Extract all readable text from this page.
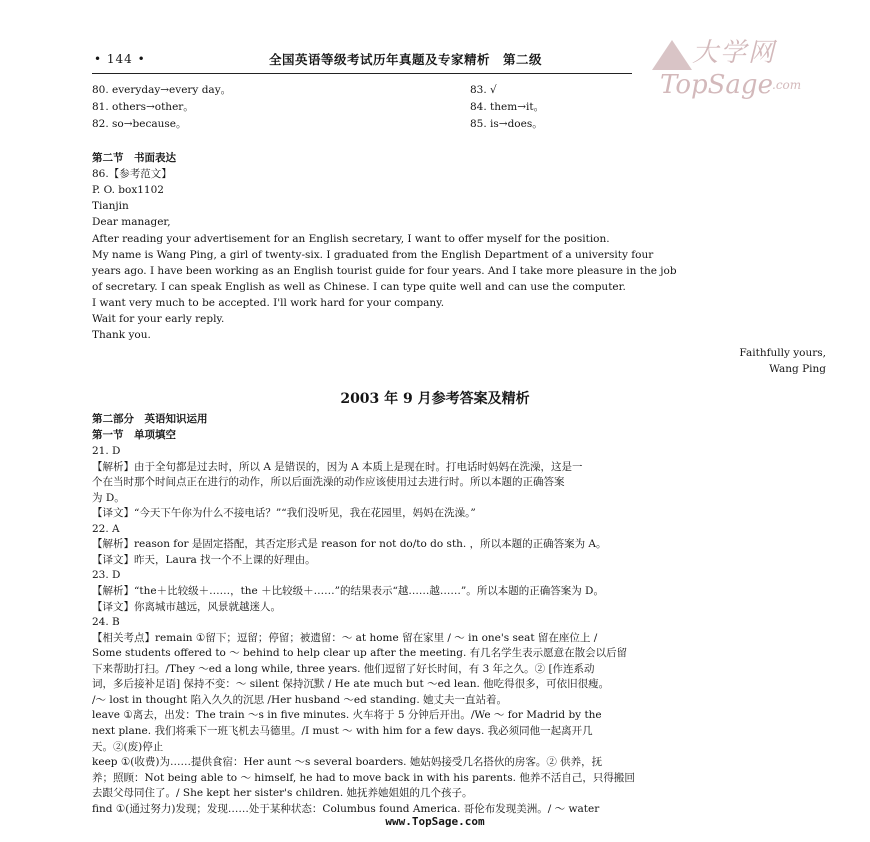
• 144 •	全国英语等级考试历年真题及专家精析　第二级	大学网
TopSage .com
80. everyday→every day。
81. others→other。
82. so→because。
83. √
84. them→it。
85. is→does。
第二节　书面表达
86.【参考范文】
P. O. box1102
Tianjin
Dear manager,
After reading your advertisement for an English secretary, I want to offer myself for the position.
My name is Wang Ping, a girl of twenty-six. I graduated from the English Department of a university four
years ago. I have been working as an English tourist guide for four years. And I take more pleasure in the job
of secretary. I can speak English as well as Chinese. I can type quite well and can use the computer.
I want very much to be accepted. I'll work hard for your company.
Wait for your early reply.
Thank you.
Faithfully yours,
Wang Ping
2003 年 9 月参考答案及精析
第二部分　英语知识运用
第一节　单项填空
21. D
【解析】由于全句都是过去时，所以 A 是错误的，因为 A 本质上是现在时。打电话时妈妈在洗澡，这是一
个在当时那个时间点正在进行的动作，所以后面洗澡的动作应该使用过去进行时。所以本题的正确答案
为 D。
【译文】“今天下午你为什么不接电话？”“我们没听见，我在花园里，妈妈在洗澡。”
22. A
【解析】reason for 是固定搭配，其否定形式是 reason for not do/to do sth. ，所以本题的正确答案为 A。
【译文】昨天，Laura 找一个不上课的好理由。
23. D
【解析】“the＋比较级＋……，the ＋比较级＋……”的结果表示“越……越……”。所以本题的正确答案为 D。
【译文】你离城市越远，风景就越迷人。
24. B
【相关考点】remain ①留下；逗留；停留；被遗留：～ at home 留在家里 / ～ in one's seat 留在座位上 /
Some students offered to ～ behind to help clear up after the meeting. 有几名学生表示愿意在散会以后留
下来帮助打扫。/They ～ed a long while, three years. 他们逗留了好长时间，有 3 年之久。② [作连系动
词，多后接补足语] 保持不变：～ silent 保持沉默 / He ate much but ～ed lean. 他吃得很多，可依旧很瘦。
/～ lost in thought 陷入久久的沉思 /Her husband ～ed standing. 她丈夫一直站着。
leave ①离去，出发：The train ～s in five minutes. 火车将于 5 分钟后开出。/We ～ for Madrid by the
next plane. 我们将乘下一班飞机去马德里。/I must ～ with him for a few days. 我必须同他一起离开几
天。②(废)停止
keep ①(收费)为……提供食宿：Her aunt ～s several boarders. 她姑妈接受几名搭伙的房客。② 供养，抚
养；照顾：Not being able to ～ himself, he had to move back in with his parents. 他养不活自己，只得搬回
去跟父母同住了。/ She kept her sister's children. 她抚养她姐姐的几个孩子。
find ①(通过努力)发现；发现……处于某种状态：Columbus found America. 哥伦布发现美洲。/ ～ water
www.TopSage.com
